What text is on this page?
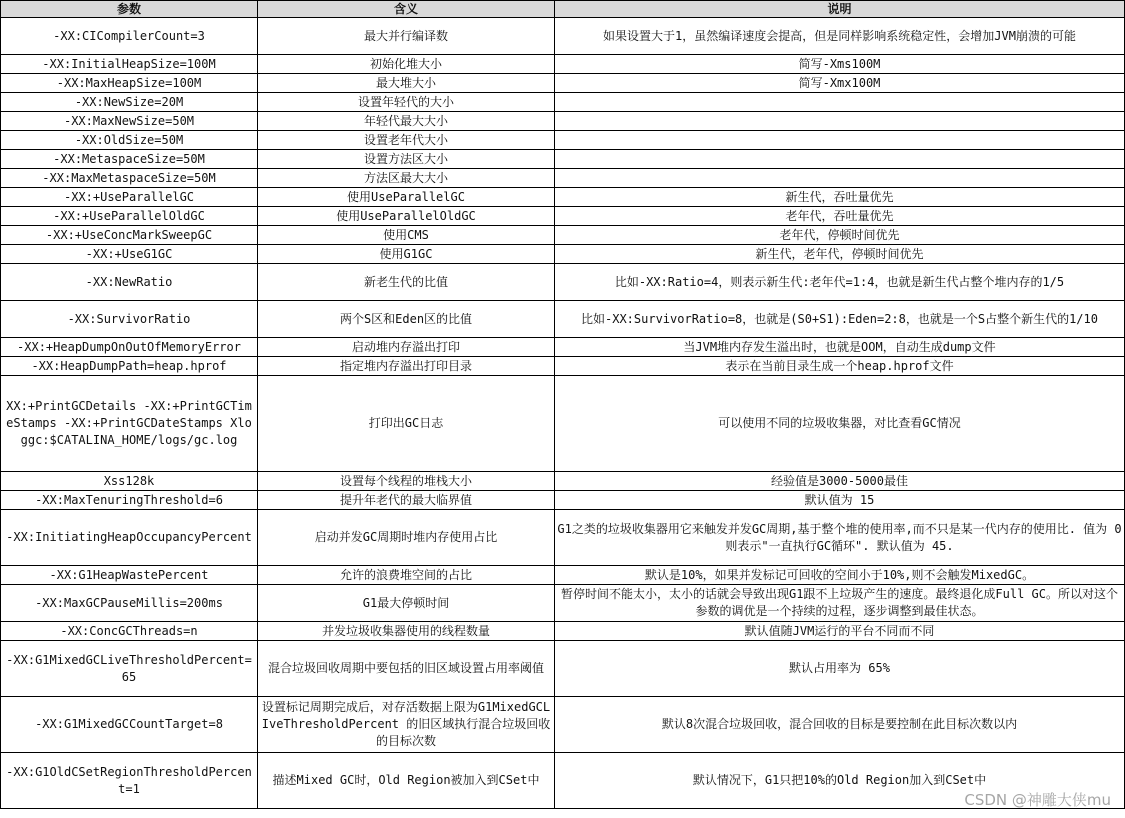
参数	含义	说明
-XX:CICompilerCount=3	最大并行编译数	如果设置大于1，虽然编译速度会提高，但是同样影响系统稳定性，会增加JVM崩溃的可能
-XX:InitialHeapSize=100M	初始化堆大小	简写-Xms100M
-XX:MaxHeapSize=100M	最大堆大小	简写-Xmx100M
-XX:NewSize=20M	设置年轻代的大小	
-XX:MaxNewSize=50M	年轻代最大大小	
-XX:OldSize=50M	设置老年代大小	
-XX:MetaspaceSize=50M	设置方法区大小	
-XX:MaxMetaspaceSize=50M	方法区最大大小	
-XX:+UseParallelGC	使用UseParallelGC	新生代，吞吐量优先
-XX:+UseParallelOldGC	使用UseParallelOldGC	老年代，吞吐量优先
-XX:+UseConcMarkSweepGC	使用CMS	老年代，停顿时间优先
-XX:+UseG1GC	使用G1GC	新生代，老年代，停顿时间优先
-XX:NewRatio	新老生代的比值	比如-XX:Ratio=4，则表示新生代:老年代=1:4，也就是新生代占整个堆内存的1/5
-XX:SurvivorRatio	两个S区和Eden区的比值	比如-XX:SurvivorRatio=8，也就是(S0+S1):Eden=2:8，也就是一个S占整个新生代的1/10
-XX:+HeapDumpOnOutOfMemoryError	启动堆内存溢出打印	当JVM堆内存发生溢出时，也就是OOM，自动生成dump文件
-XX:HeapDumpPath=heap.hprof	指定堆内存溢出打印目录	表示在当前目录生成一个heap.hprof文件
XX:+PrintGCDetails -XX:+PrintGCTimeStamps -XX:+PrintGCDateStamps Xloggc:$CATALINA_HOME/logs/gc.log	打印出GC日志	可以使用不同的垃圾收集器，对比查看GC情况
Xss128k	设置每个线程的堆栈大小	经验值是3000-5000最佳
-XX:MaxTenuringThreshold=6	提升年老代的最大临界值	默认值为 15
-XX:InitiatingHeapOccupancyPercent	启动并发GC周期时堆内存使用占比	G1之类的垃圾收集器用它来触发并发GC周期,基于整个堆的使用率,而不只是某一代内存的使用比. 值为 0 则表示"一直执行GC循环". 默认值为 45.
-XX:G1HeapWastePercent	允许的浪费堆空间的占比	默认是10%，如果并发标记可回收的空间小于10%,则不会触发MixedGC。
-XX:MaxGCPauseMillis=200ms	G1最大停顿时间	暂停时间不能太小，太小的话就会导致出现G1跟不上垃圾产生的速度。最终退化成Full GC。所以对这个参数的调优是一个持续的过程，逐步调整到最佳状态。
-XX:ConcGCThreads=n	并发垃圾收集器使用的线程数量	默认值随JVM运行的平台不同而不同
-XX:G1MixedGCLiveThresholdPercent=65	混合垃圾回收周期中要包括的旧区域设置占用率阈值	默认占用率为 65%
-XX:G1MixedGCCountTarget=8	设置标记周期完成后，对存活数据上限为G1MixedGCLIveThresholdPercent 的旧区域执行混合垃圾回收的目标次数	默认8次混合垃圾回收，混合回收的目标是要控制在此目标次数以内
-XX:G1OldCSetRegionThresholdPercent=1	描述Mixed GC时，Old Region被加入到CSet中	默认情况下，G1只把10%的Old Region加入到CSet中
CSDN @神雕大侠mu
